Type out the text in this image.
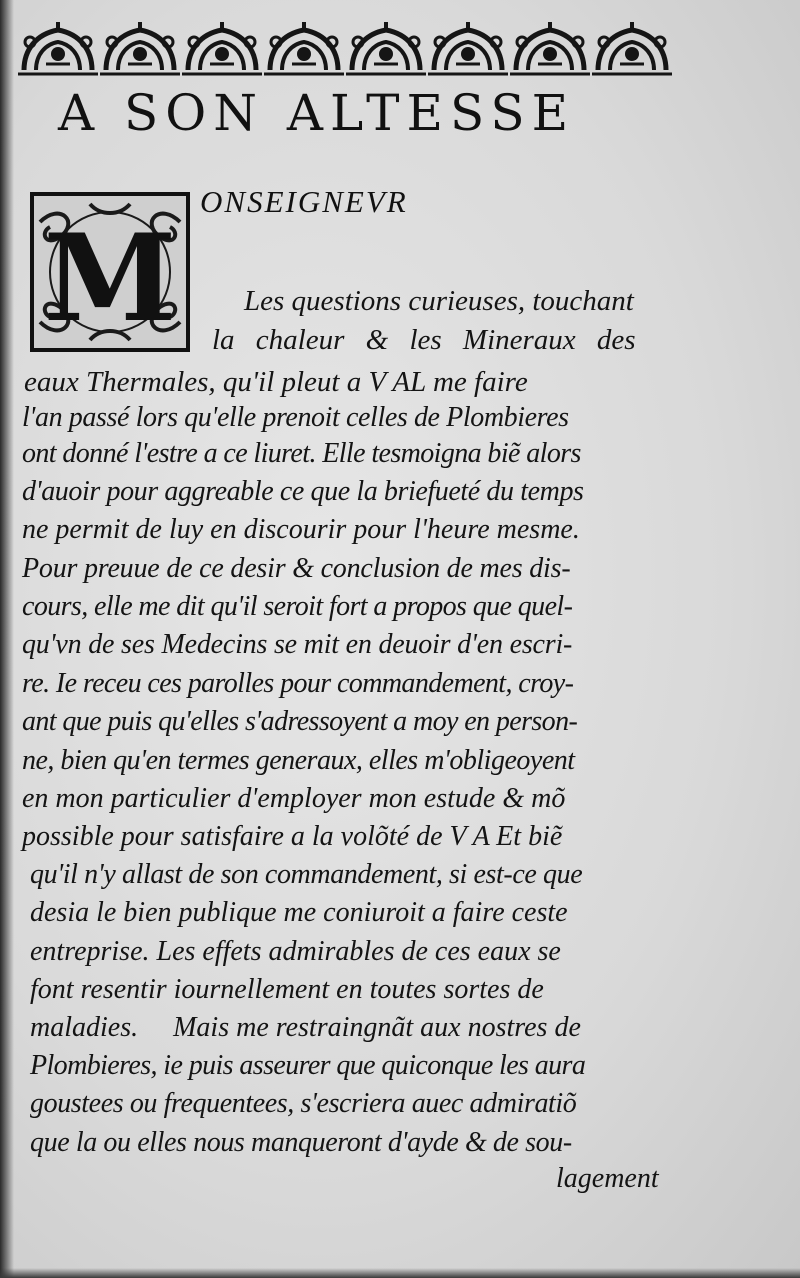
A SON ALTESSE
M
ONSEIGNEVR
Les questions curieuses, touchant
la chaleur & les Mineraux des
eaux Thermales, qu'il pleut a V AL me faire
l'an passé lors qu'elle prenoit celles de Plombieres
ont donné l'estre a ce liuret. Elle tesmoigna biẽ alors
d'auoir pour aggreable ce que la briefueté du temps
ne permit de luy en discourir pour l'heure mesme.
Pour preuue de ce desir & conclusion de mes dis-
cours, elle me dit qu'il seroit fort a propos que quel-
qu'vn de ses Medecins se mit en deuoir d'en escri-
re. Ie receu ces parolles pour commandement, croy-
ant que puis qu'elles s'adressoyent a moy en person-
ne, bien qu'en termes generaux, elles m'obligeoyent
en mon particulier d'employer mon estude & mõ
possible pour satisfaire a la volõté de V A Et biẽ
qu'il n'y allast de son commandement, si est-ce que
desia le bien publique me coniuroit a faire ceste
entreprise. Les effets admirables de ces eaux se
font resentir iournellement en toutes sortes de
maladies.     Mais me restraingnãt aux nostres de
Plombieres, ie puis asseurer que quiconque les aura
goustees ou frequentees, s'escriera auec admiratiõ
que la ou elles nous manqueront d'ayde & de sou-
lagement
